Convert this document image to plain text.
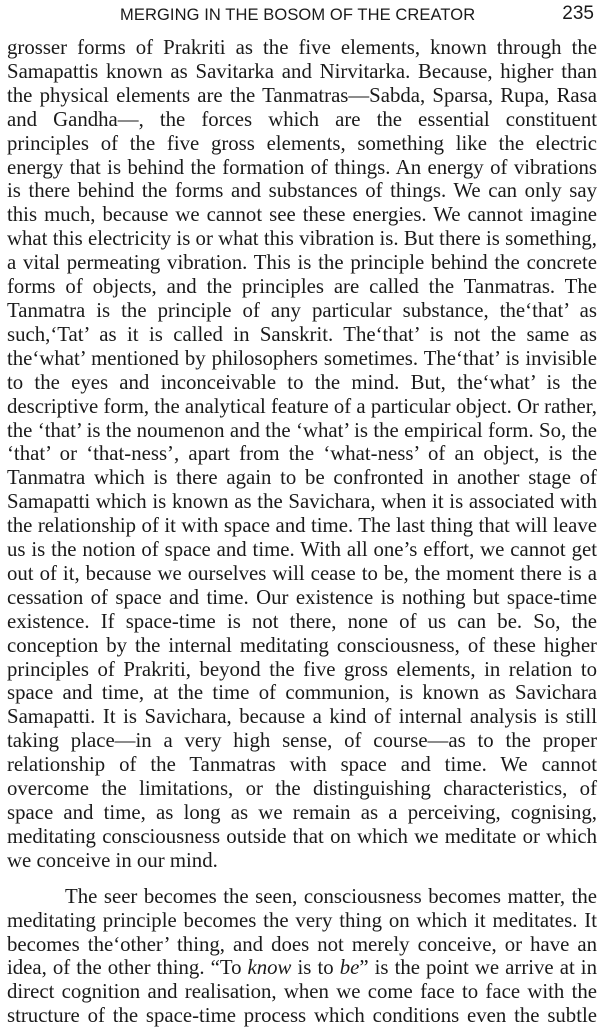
MERGING IN THE BOSOM OF THE CREATOR	235

grosser forms of Prakriti as the five elements, known through the Samapattis known as Savitarka and Nirvitarka. Because, higher than the physical elements are the Tanmatras—Sabda, Sparsa, Rupa, Rasa and Gandha—, the forces which are the essential constituent principles of the five gross elements, something like the electric energy that is behind the formation of things. An energy of vibrations is there behind the forms and substances of things. We can only say this much, because we cannot see these energies. We cannot imagine what this electricity is or what this vibration is. But there is something, a vital permeating vibration. This is the principle behind the concrete forms of objects, and the principles are called the Tanmatras. The Tanmatra is the principle of any particular substance, the‘that’ as such,‘Tat’ as it is called in Sanskrit. The‘that’ is not the same as the‘what’ mentioned by philosophers sometimes. The‘that’ is invisible to the eyes and inconceivable to the mind. But, the‘what’ is the descriptive form, the analytical feature of a particular object. Or rather, the ‘that’ is the noumenon and the ‘what’ is the empirical form. So, the ‘that’ or ‘that-ness’, apart from the ‘what-ness’ of an object, is the Tanmatra which is there again to be confronted in another stage of Samapatti which is known as the Savichara, when it is associated with the relationship of it with space and time. The last thing that will leave us is the notion of space and time. With all one’s effort, we cannot get out of it, because we ourselves will cease to be, the moment there is a cessation of space and time. Our existence is nothing but space-time existence. If space-time is not there, none of us can be. So, the conception by the internal meditating consciousness, of these higher principles of Prakriti, beyond the five gross elements, in relation to space and time, at the time of communion, is known as Savichara Samapatti. It is Savichara, because a kind of internal analysis is still taking place—in a very high sense, of course—as to the proper relationship of the Tanmatras with space and time. We cannot overcome the limitations, or the distinguishing characteristics, of space and time, as long as we remain as a perceiving, cognising, meditating consciousness outside that on which we meditate or which we conceive in our mind.

The seer becomes the seen, consciousness becomes matter, the meditating principle becomes the very thing on which it meditates. It becomes the‘other’ thing, and does not merely conceive, or have an idea, of the other thing. “To know is to be” is the point we arrive at in direct cognition and realisation, when we come face to face with the structure of the space-time process which conditions even the subtle
